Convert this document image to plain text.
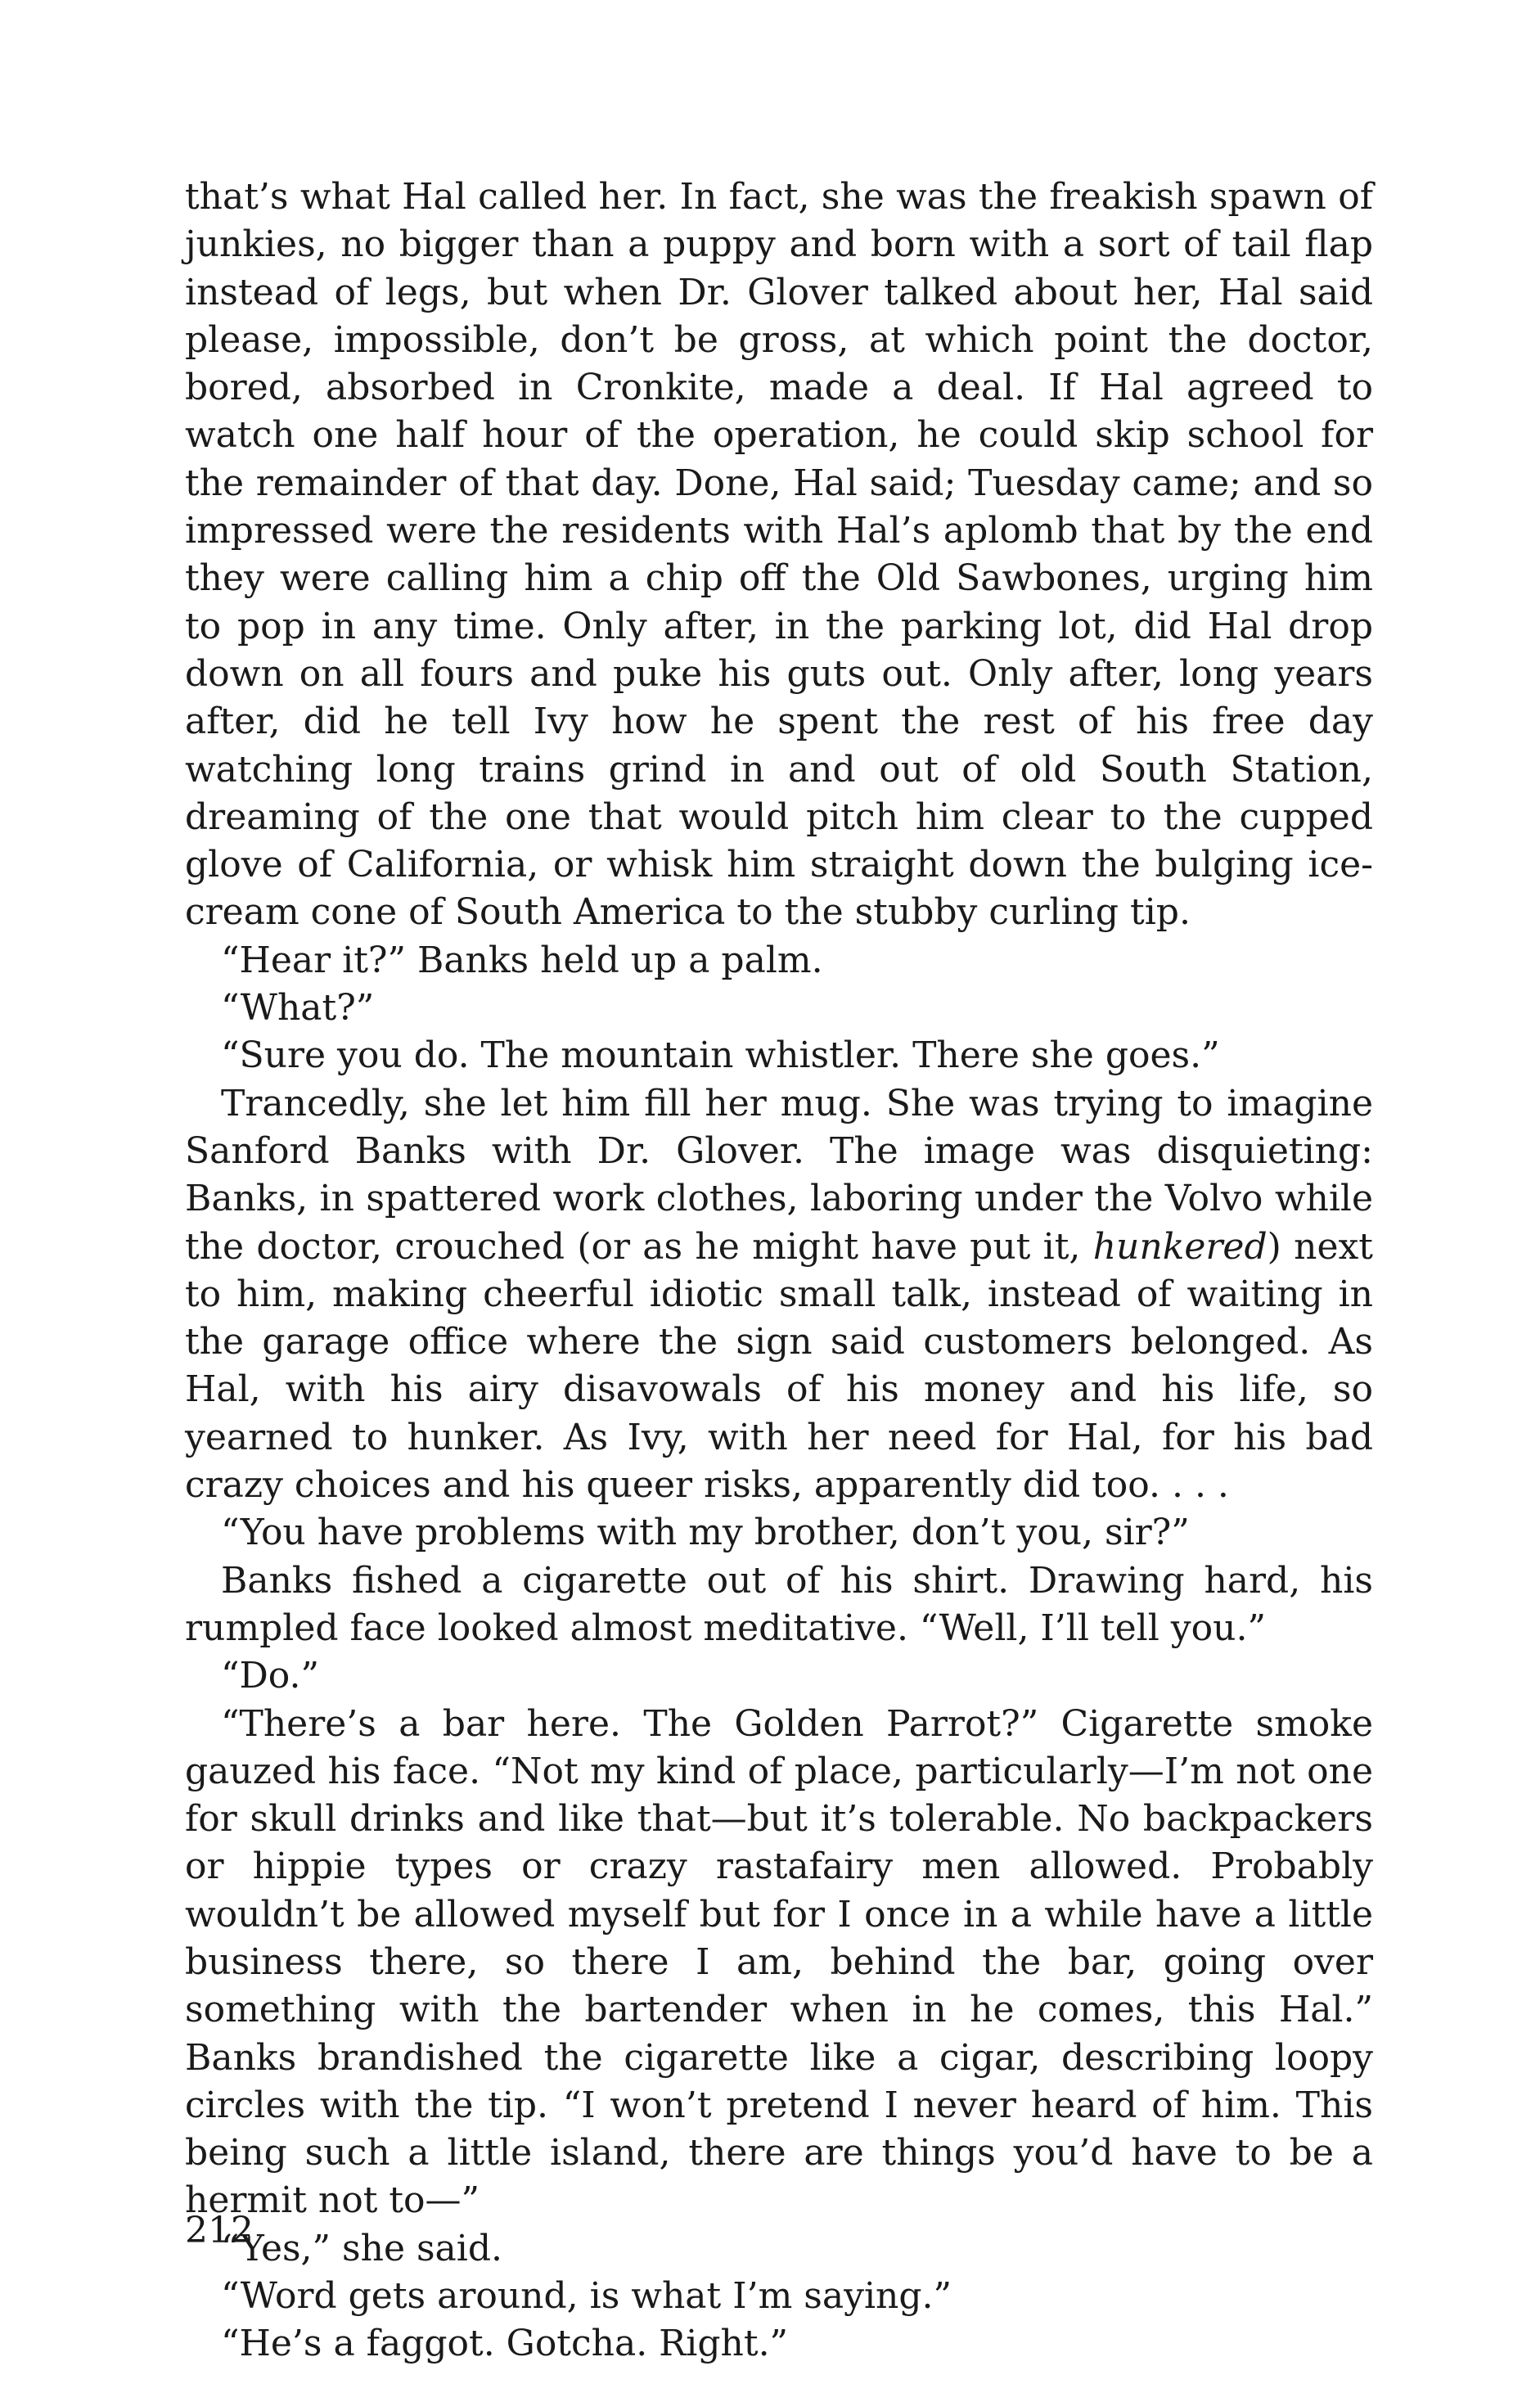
that’s what Hal called her. In fact, she was the freakish spawn of junkies, no bigger than a puppy and born with a sort of tail flap instead of legs, but when Dr. Glover talked about her, Hal said please, impossible, don’t be gross, at which point the doctor, bored, absorbed in Cronkite, made a deal. If Hal agreed to watch one half hour of the operation, he could skip school for the remainder of that day. Done, Hal said; Tuesday came; and so impressed were the residents with Hal’s aplomb that by the end they were calling him a chip off the Old Sawbones, urging him to pop in any time. Only after, in the parking lot, did Hal drop down on all fours and puke his guts out. Only after, long years after, did he tell Ivy how he spent the rest of his free day watching long trains grind in and out of old South Station, dreaming of the one that would pitch him clear to the cupped glove of California, or whisk him straight down the bulging ice-cream cone of South America to the stubby curling tip.

“Hear it?” Banks held up a palm.

“What?”

“Sure you do. The mountain whistler. There she goes.”

Trancedly, she let him fill her mug. She was trying to imagine Sanford Banks with Dr. Glover. The image was disquieting: Banks, in spattered work clothes, laboring under the Volvo while the doctor, crouched (or as he might have put it, hunkered) next to him, making cheerful idiotic small talk, instead of waiting in the garage office where the sign said customers belonged. As Hal, with his airy disavowals of his money and his life, so yearned to hunker. As Ivy, with her need for Hal, for his bad crazy choices and his queer risks, apparently did too. . . .

“You have problems with my brother, don’t you, sir?”

Banks fished a cigarette out of his shirt. Drawing hard, his rumpled face looked almost meditative. “Well, I’ll tell you.”

“Do.”

“There’s a bar here. The Golden Parrot?” Cigarette smoke gauzed his face. “Not my kind of place, particularly—I’m not one for skull drinks and like that—but it’s tolerable. No backpackers or hippie types or crazy rastafairy men allowed. Probably wouldn’t be allowed myself but for I once in a while have a little business there, so there I am, behind the bar, going over something with the bartender when in he comes, this Hal.” Banks brandished the cigarette like a cigar, describing loopy circles with the tip. “I won’t pretend I never heard of him. This being such a little island, there are things you’d have to be a hermit not to—”

“Yes,” she said.

“Word gets around, is what I’m saying.”

“He’s a faggot. Gotcha. Right.”

212
